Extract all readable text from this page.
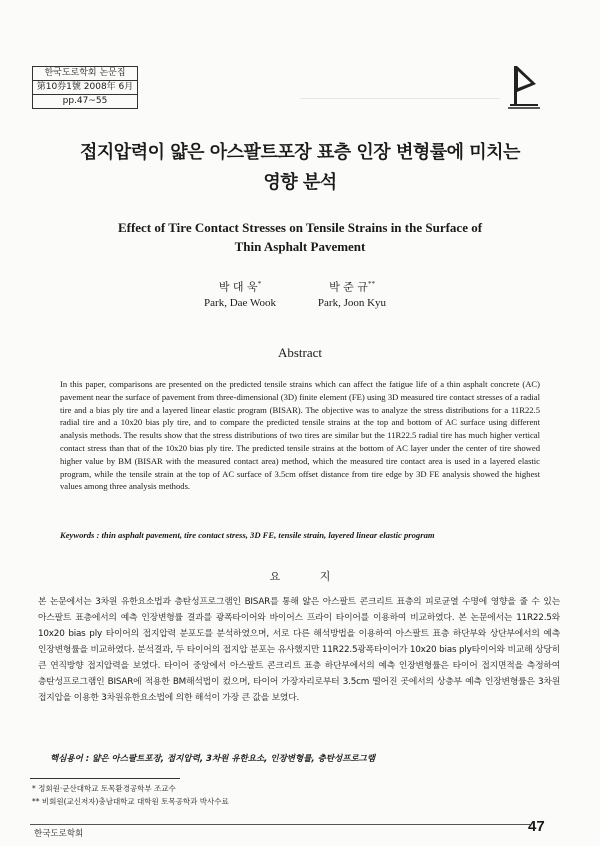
한국도로학회 논문집
第10券1號 2008年 6月
pp.47~55
접지압력이 얇은 아스팔트포장 표층 인장 변형률에 미치는
영향 분석
Effect of Tire Contact Stresses on Tensile Strains in the Surface of
Thin Asphalt Pavement
박 대 욱*
Park, Dae Wook
박 준 규**
Park, Joon Kyu
Abstract
In this paper, comparisons are presented on the predicted tensile strains which can affect the fatigue life of a thin asphalt concrete (AC) pavement near the surface of pavement from three-dimensional (3D) finite element (FE) using 3D measured tire contact stresses of a radial tire and a bias ply tire and a layered linear elastic program (BISAR). The objective was to analyze the stress distributions for a 11R22.5 radial tire and a 10x20 bias ply tire, and to compare the predicted tensile strains at the top and bottom of AC surface using different analysis methods. The results show that the stress distributions of two tires are similar but the 11R22.5 radial tire has much higher vertical contact stress than that of the 10x20 bias ply tire. The predicted tensile strains at the bottom of AC layer under the center of tire showed higher value by BM (BISAR with the measured contact area) method, which the measured tire contact area is used in a layered elastic program, while the tensile strain at the top of AC surface of 3.5cm offset distance from tire edge by 3D FE analysis showed the highest values among three analysis methods.
Keywords : thin asphalt pavement, tire contact stress, 3D FE, tensile strain, layered linear elastic program
요 지
본 논문에서는 3차원 유한요소법과 층탄성프로그램인 BISAR를 통해 얇은 아스팔트 콘크리트 표층의 피로균열 수명에 영향을 줄 수 있는 아스팔트 표층에서의 예측 인장변형률 결과를 광폭타이어와 바이어스 프라이 타이어를 이용하여 비교하였다. 본 논문에서는 11R22.5와 10x20 bias ply 타이어의 접지압력 분포도를 분석하였으며, 서로 다른 해석방법을 이용하여 아스팔트 표층 하단부와 상단부에서의 예측 인장변형률을 비교하였다. 분석결과, 두 타이어의 접지압 분포는 유사했지만 11R22.5광폭타이어가 10x20 bias ply타이어와 비교해 상당히 큰 연직방향 접지압력을 보였다. 타이어 중앙에서 아스팔트 콘크리트 표층 하단부에서의 예측 인장변형률은 타이어 접지면적을 측정하여 층탄성프로그램인 BISAR에 적용한 BM해석법이 컸으며, 타이어 가장자리로부터 3.5cm 떨어진 곳에서의 상층부 예측 인장변형률은 3차원 접지압을 이용한 3차원유한요소법에 의한 해석이 가장 큰 값을 보였다.
핵심용어 : 얇은 아스팔트포장, 접지압력, 3차원 유한요소, 인장변형률, 층탄성프로그램
* 정회원·군산대학교 토목환경공학부 조교수
** 비회원(교신저자)충남대학교 대학원 토목공학과 박사수료
한국도로학회	47
